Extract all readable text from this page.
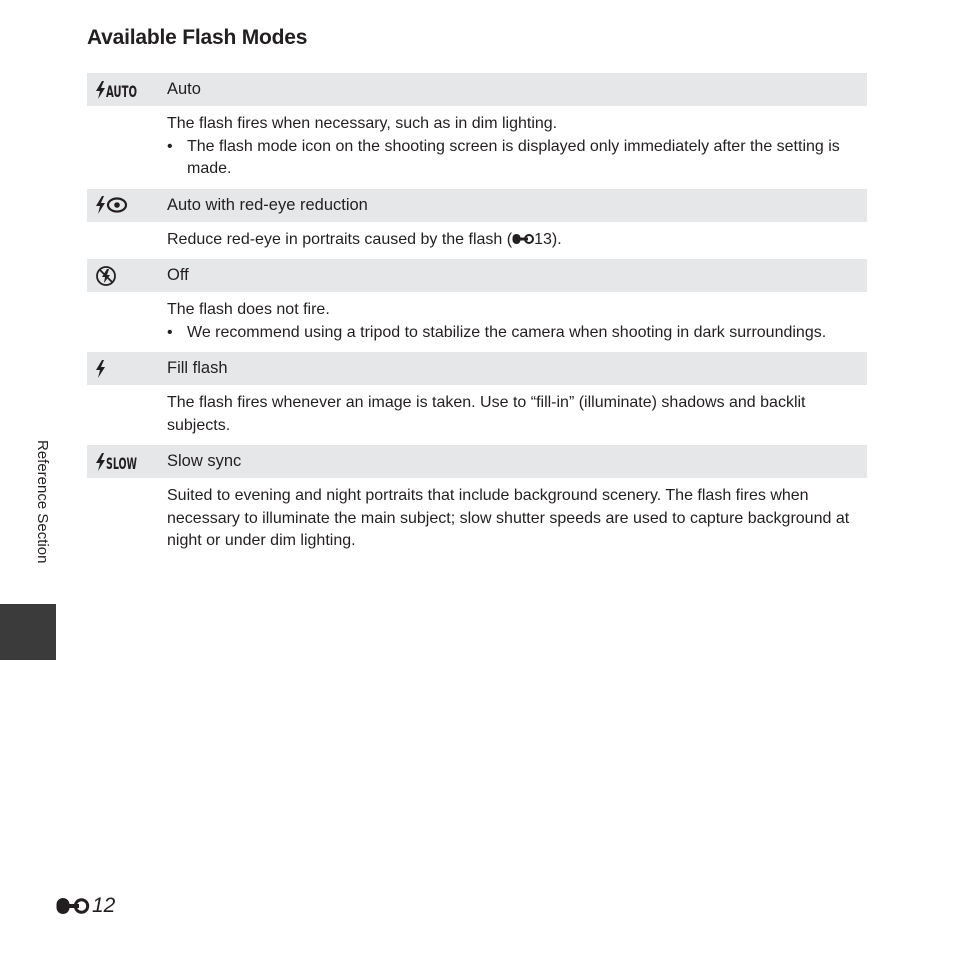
Available Flash Modes
AUTO Auto

The flash fires when necessary, such as in dim lighting.

• The flash mode icon on the shooting screen is displayed only immediately after the setting is made.

Auto with red-eye reduction

Reduce red-eye in portraits caused by the flash ( 13).

Off

The flash does not fire.

• We recommend using a tripod to stabilize the camera when shooting in dark surroundings.

Fill flash

The flash fires whenever an image is taken. Use to “fill-in” (illuminate) shadows and backlit subjects.

SLOW Slow sync

Suited to evening and night portraits that include background scenery. The flash fires when necessary to illuminate the main subject; slow shutter speeds are used to capture background at night or under dim lighting.

Reference Section
12
